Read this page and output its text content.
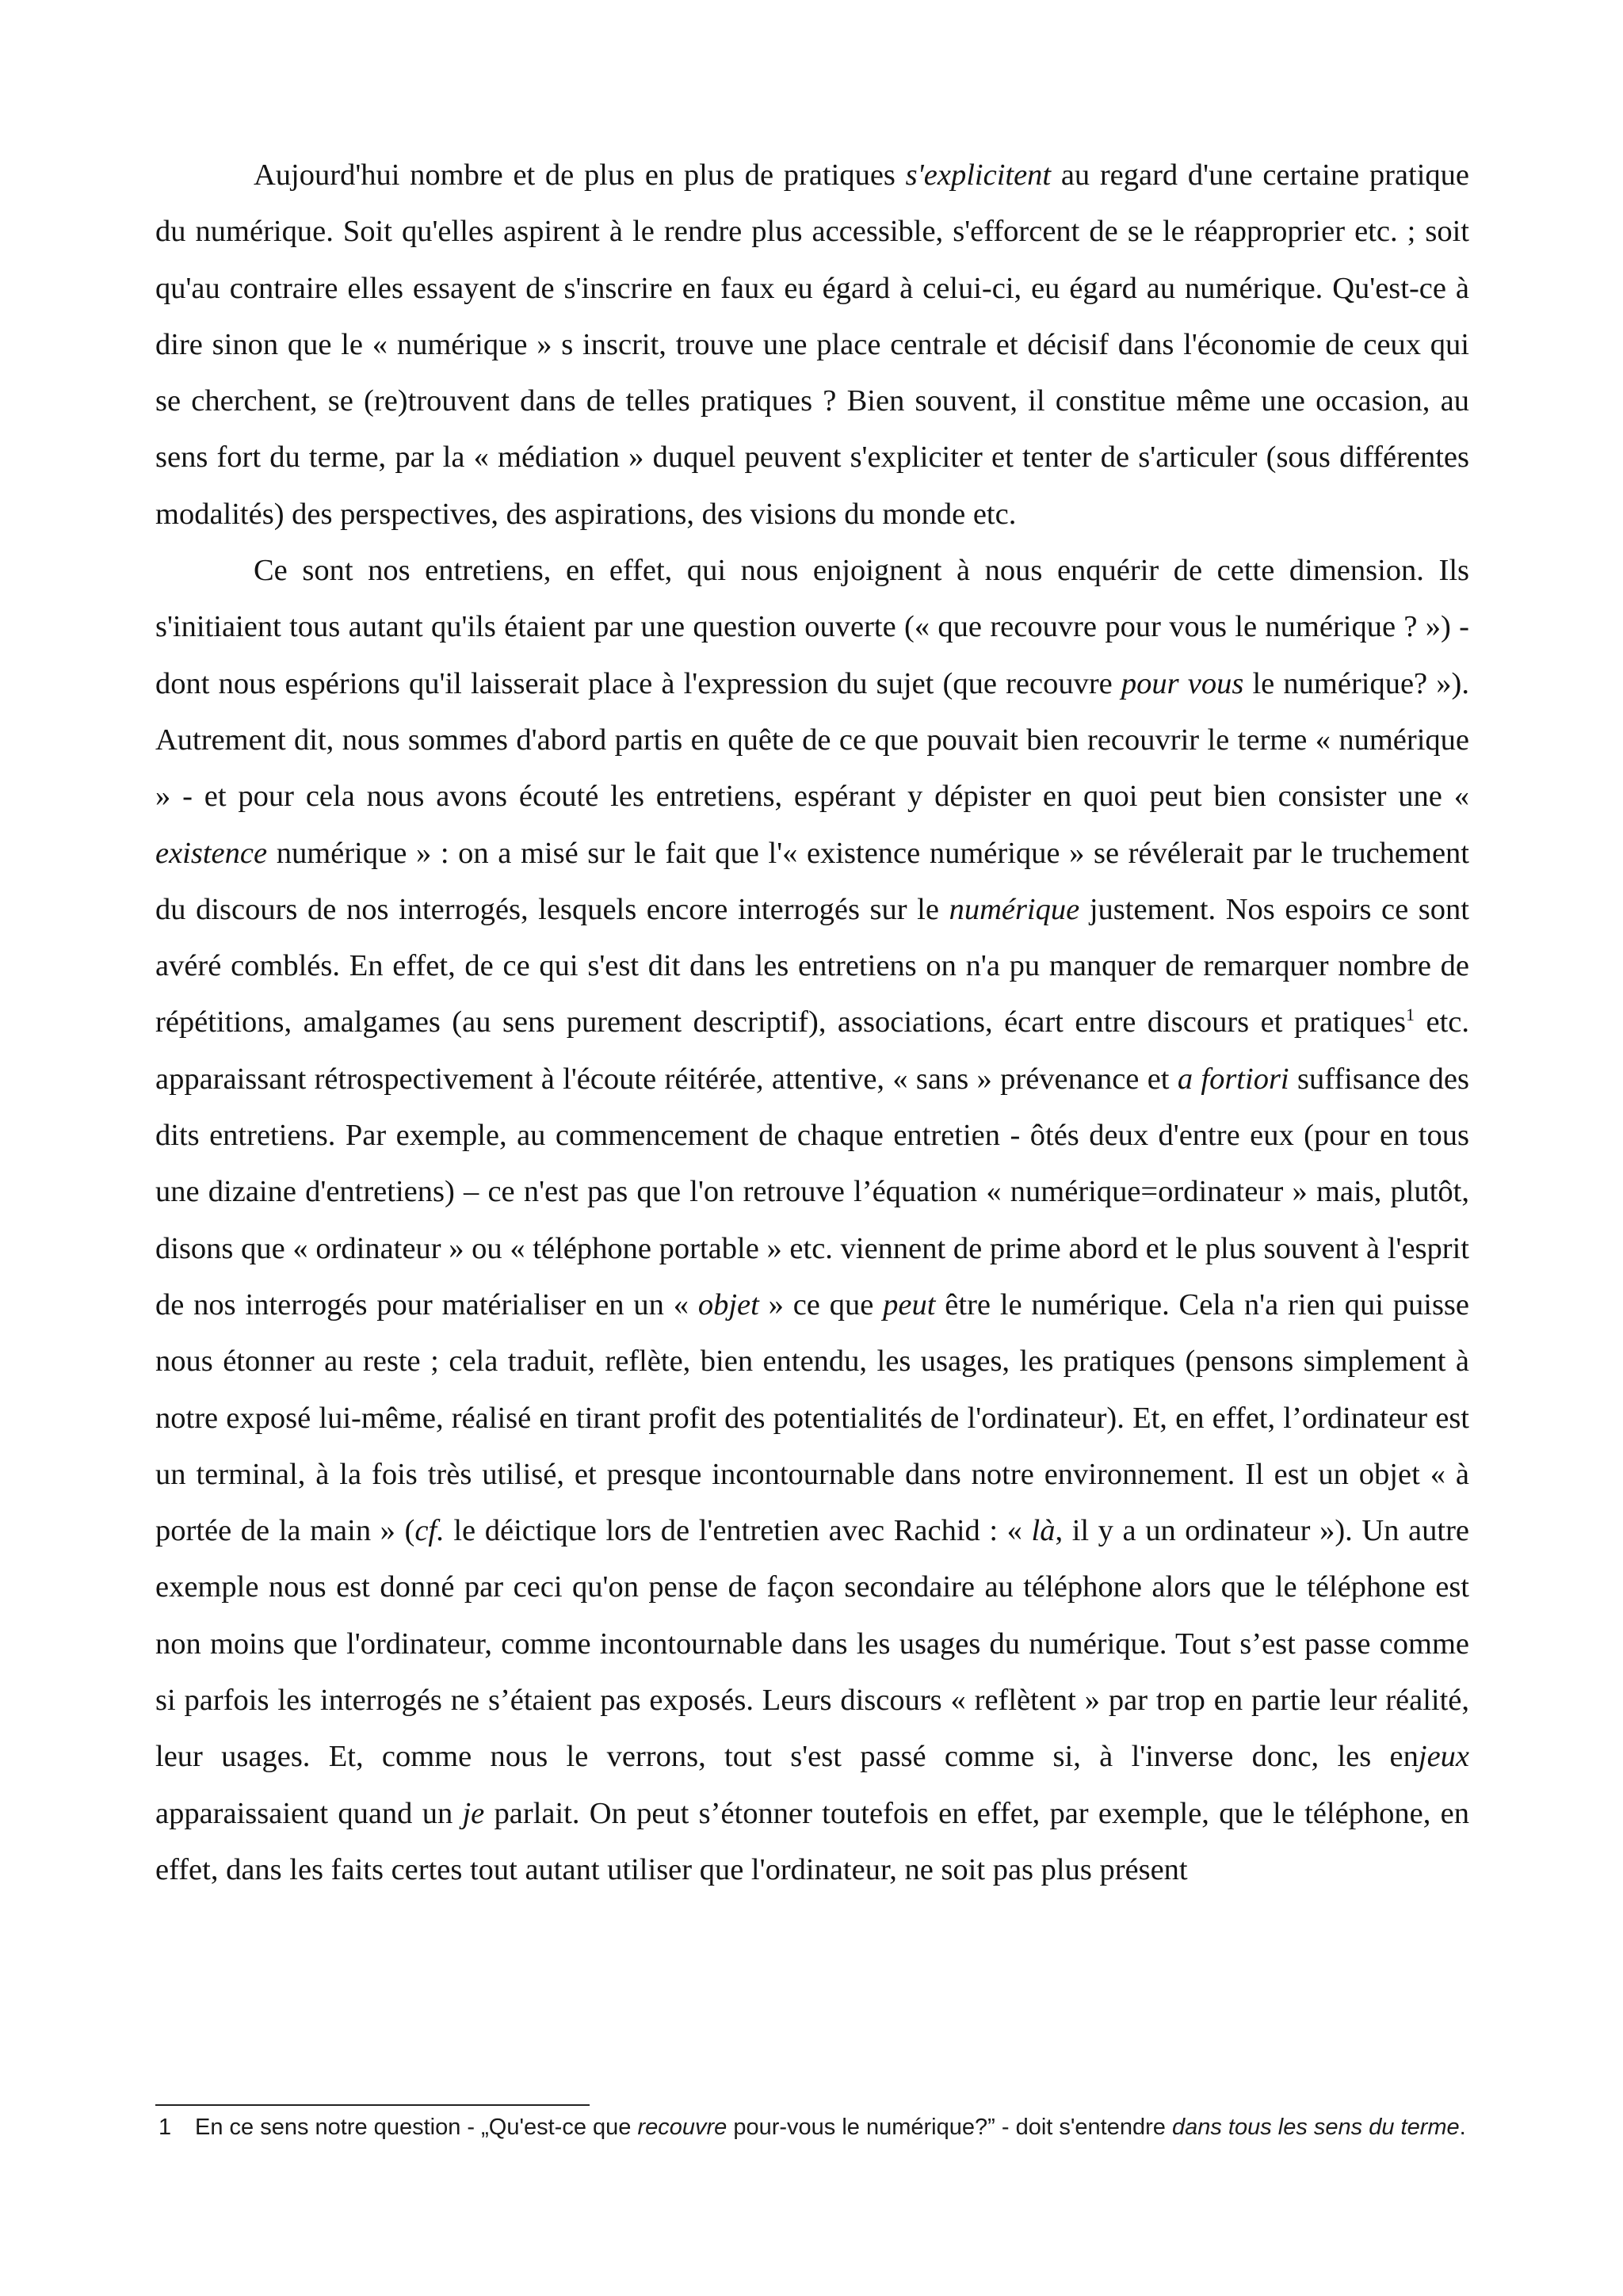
Aujourd'hui nombre et de plus en plus de pratiques s'explicitent au regard d'une certaine pratique du numérique. Soit qu'elles aspirent à le rendre plus accessible, s'efforcent de se le réapproprier etc. ; soit qu'au contraire elles essayent de s'inscrire en faux eu égard à celui-ci, eu égard au numérique. Qu'est-ce à dire sinon que le « numérique » s inscrit, trouve une place centrale et décisif dans l'économie de ceux qui se cherchent, se (re)trouvent dans de telles pratiques ? Bien souvent, il constitue même une occasion, au sens fort du terme, par la « médiation » duquel peuvent s'expliciter et tenter de s'articuler (sous différentes modalités) des perspectives, des aspirations, des visions du monde etc.

Ce sont nos entretiens, en effet, qui nous enjoignent à nous enquérir de cette dimension. Ils s'initiaient tous autant qu'ils étaient par une question ouverte (« que recouvre pour vous le numérique ? ») - dont nous espérions qu'il laisserait place à l'expression du sujet (que recouvre pour vous le numérique? »). Autrement dit, nous sommes d'abord partis en quête de ce que pouvait bien recouvrir le terme « numérique » - et pour cela nous avons écouté les entretiens, espérant y dépister en quoi peut bien consister une « existence numérique » : on a misé sur le fait que l'« existence numérique » se révélerait par le truchement du discours de nos interrogés, lesquels encore interrogés sur le numérique justement. Nos espoirs ce sont avéré comblés. En effet, de ce qui s'est dit dans les entretiens on n'a pu manquer de remarquer nombre de répétitions, amalgames (au sens purement descriptif), associations, écart entre discours et pratiques$^1$ etc. apparaissant rétrospectivement à l'écoute réitérée, attentive, « sans » prévenance et a fortiori suffisance des dits entretiens. Par exemple, au commencement de chaque entretien - ôtés deux d'entre eux (pour en tous une dizaine d'entretiens) – ce n'est pas que l'on retrouve l’équation « numérique=ordinateur » mais, plutôt, disons que « ordinateur » ou « téléphone portable » etc. viennent de prime abord et le plus souvent à l'esprit de nos interrogés pour matérialiser en un « objet » ce que peut être le numérique. Cela n'a rien qui puisse nous étonner au reste ; cela traduit, reflète, bien entendu, les usages, les pratiques (pensons simplement à notre exposé lui-même, réalisé en tirant profit des potentialités de l'ordinateur). Et, en effet, l’ordinateur est un terminal, à la fois très utilisé, et presque incontournable dans notre environnement. Il est un objet « à portée de la main » (cf. le déictique lors de l'entretien avec Rachid : « là, il y a un ordinateur »). Un autre exemple nous est donné par ceci qu'on pense de façon secondaire au téléphone alors que le téléphone est non moins que l'ordinateur, comme incontournable dans les usages du numérique. Tout s’est passe comme si parfois les interrogés ne s’étaient pas exposés. Leurs discours « reflètent » par trop en partie leur réalité, leur usages. Et, comme nous le verrons, tout s'est passé comme si, à l'inverse donc, les enjeux apparaissaient quand un je parlait. On peut s’étonner toutefois en effet, par exemple, que le téléphone, en effet, dans les faits certes tout autant utiliser que l'ordinateur, ne soit pas plus présent

1 En ce sens notre question - „Qu'est-ce que recouvre pour-vous le numérique?” - doit s'entendre dans tous les sens du terme.
